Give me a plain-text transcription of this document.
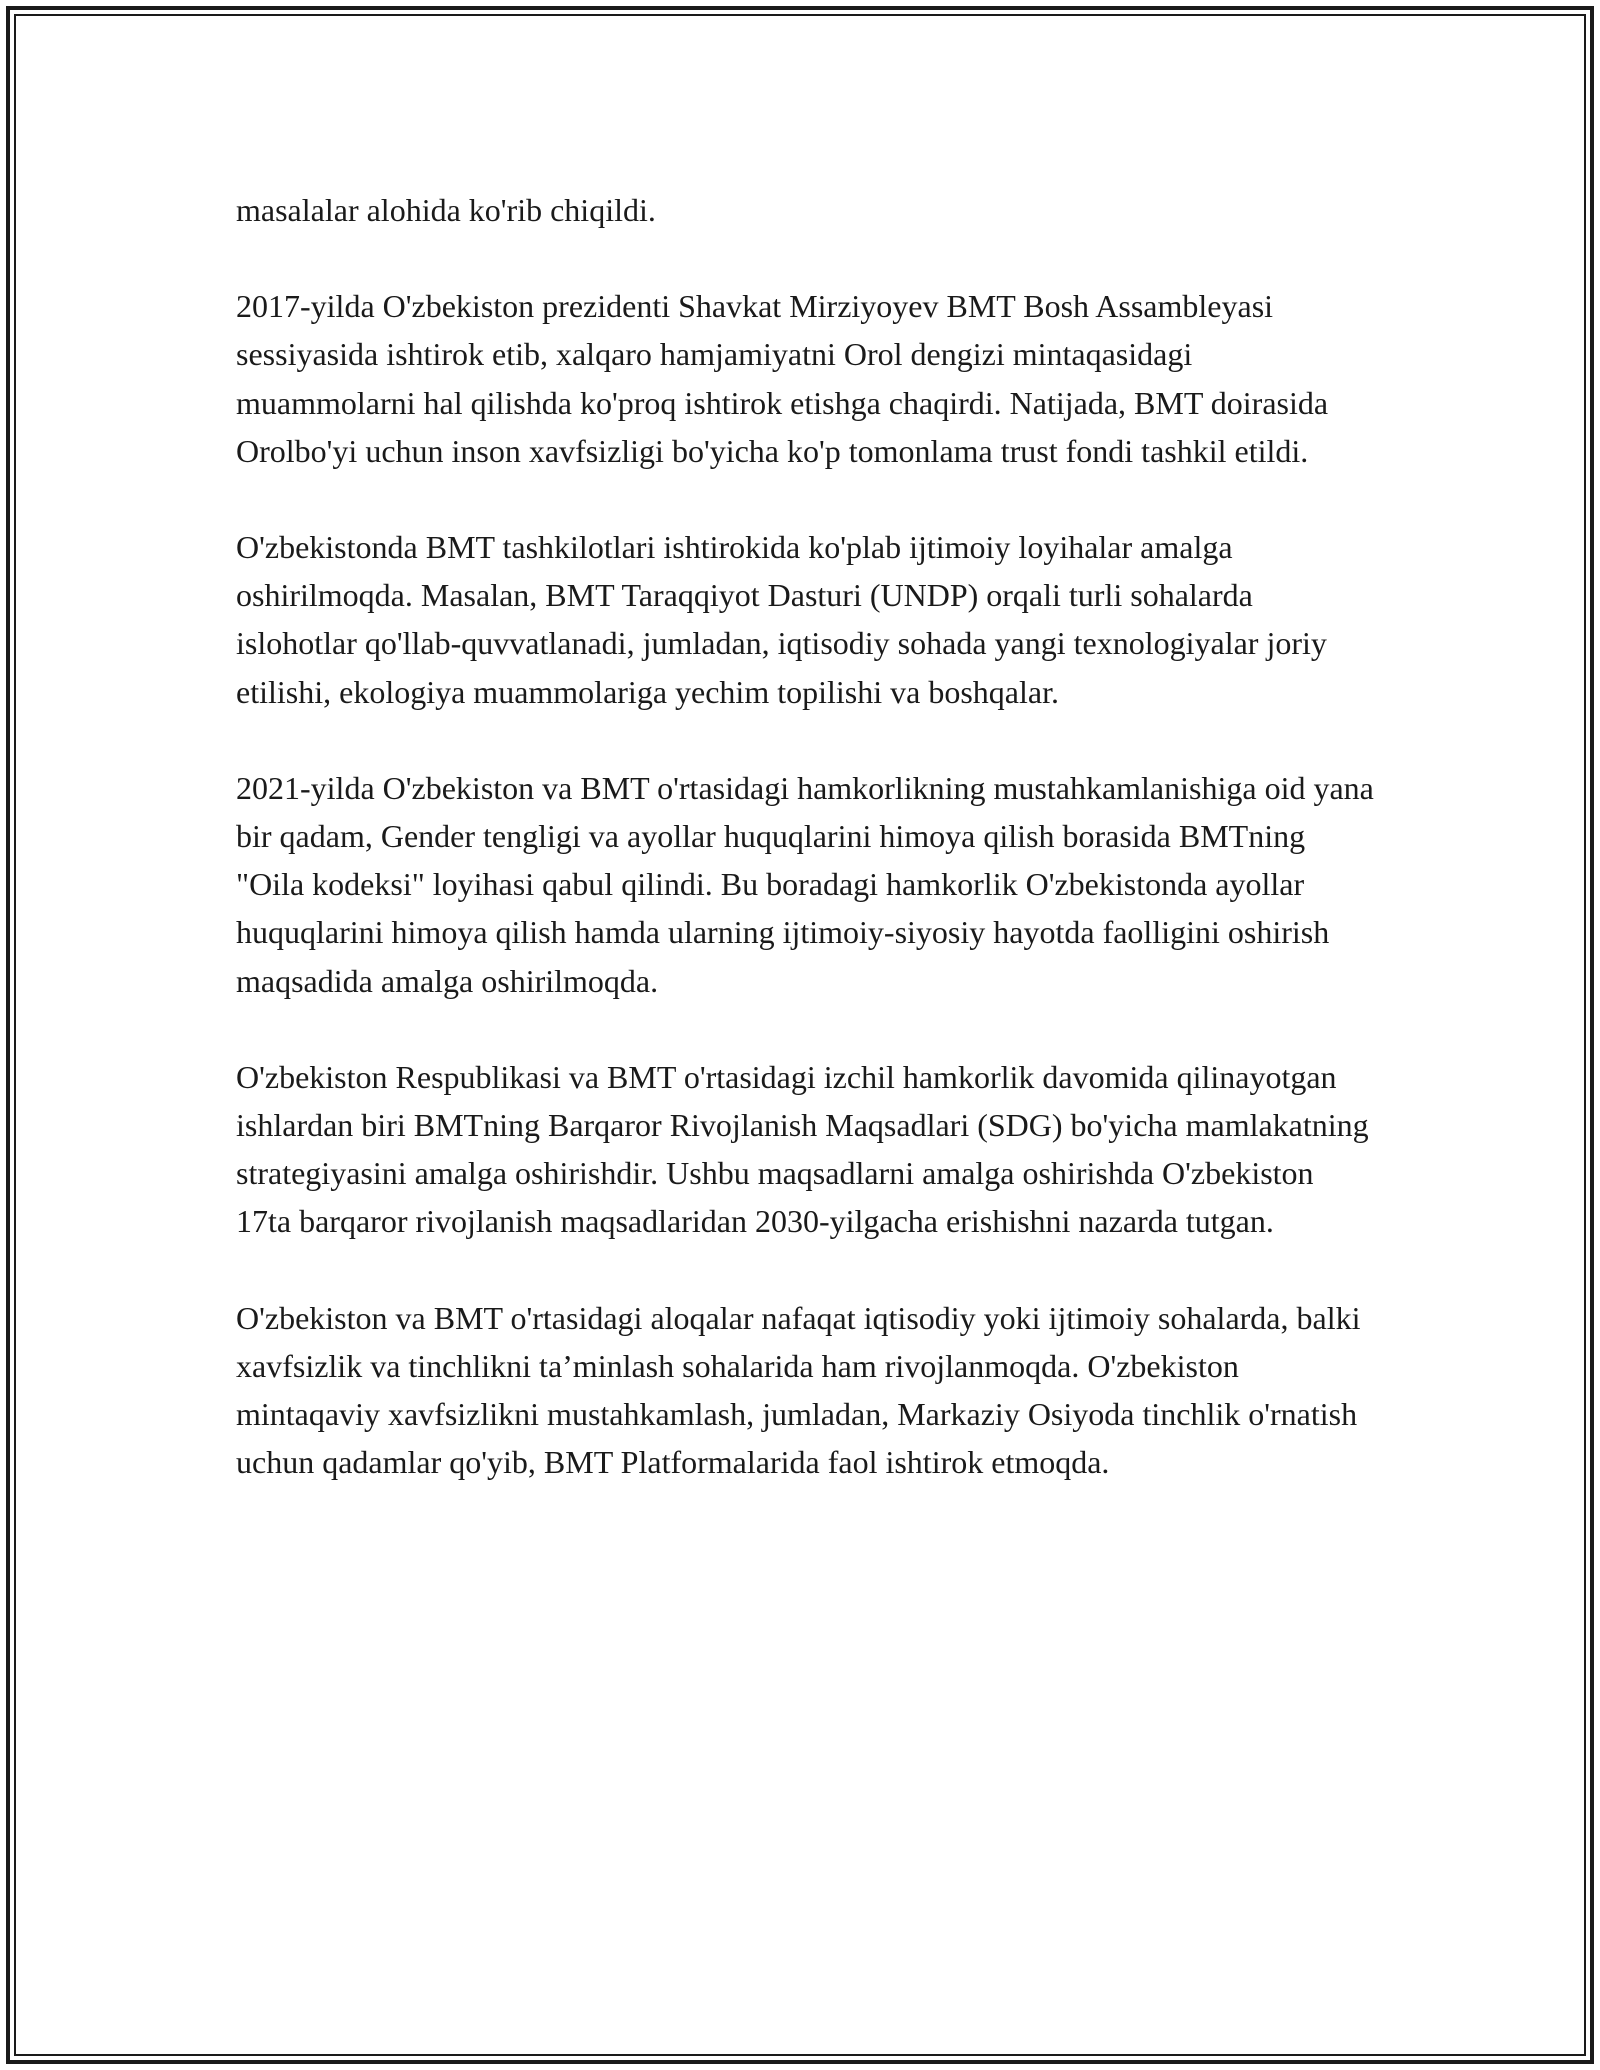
masalalar alohida ko'rib chiqildi.

2017-yilda O'zbekiston prezidenti Shavkat Mirziyoyev BMT Bosh Assambleyasi sessiyasida ishtirok etib, xalqaro hamjamiyatni Orol dengizi mintaqasidagi muammolarni hal qilishda ko'proq ishtirok etishga chaqirdi. Natijada, BMT doirasida Orolbo'yi uchun inson xavfsizligi bo'yicha ko'p tomonlama trust fondi tashkil etildi.

O'zbekistonda BMT tashkilotlari ishtirokida ko'plab ijtimoiy loyihalar amalga oshirilmoqda. Masalan, BMT Taraqqiyot Dasturi (UNDP) orqali turli sohalarda islohotlar qo'llab-quvvatlanadi, jumladan, iqtisodiy sohada yangi texnologiyalar joriy etilishi, ekologiya muammolariga yechim topilishi va boshqalar.

2021-yilda O'zbekiston va BMT o'rtasidagi hamkorlikning mustahkamlanishiga oid yana bir qadam, Gender tengligi va ayollar huquqlarini himoya qilish borasida BMTning "Oila kodeksi" loyihasi qabul qilindi. Bu boradagi hamkorlik O'zbekistonda ayollar huquqlarini himoya qilish hamda ularning ijtimoiy-siyosiy hayotda faolligini oshirish maqsadida amalga oshirilmoqda.

O'zbekiston Respublikasi va BMT o'rtasidagi izchil hamkorlik davomida qilinayotgan ishlardan biri BMTning Barqaror Rivojlanish Maqsadlari (SDG) bo'yicha mamlakatning strategiyasini amalga oshirishdir. Ushbu maqsadlarni amalga oshirishda O'zbekiston 17ta barqaror rivojlanish maqsadlaridan 2030-yilgacha erishishni nazarda tutgan.

O'zbekiston va BMT o'rtasidagi aloqalar nafaqat iqtisodiy yoki ijtimoiy sohalarda, balki xavfsizlik va tinchlikni ta’minlash sohalarida ham rivojlanmoqda. O'zbekiston mintaqaviy xavfsizlikni mustahkamlash, jumladan, Markaziy Osiyoda tinchlik o'rnatish uchun qadamlar qo'yib, BMT Platformalarida faol ishtirok etmoqda.
